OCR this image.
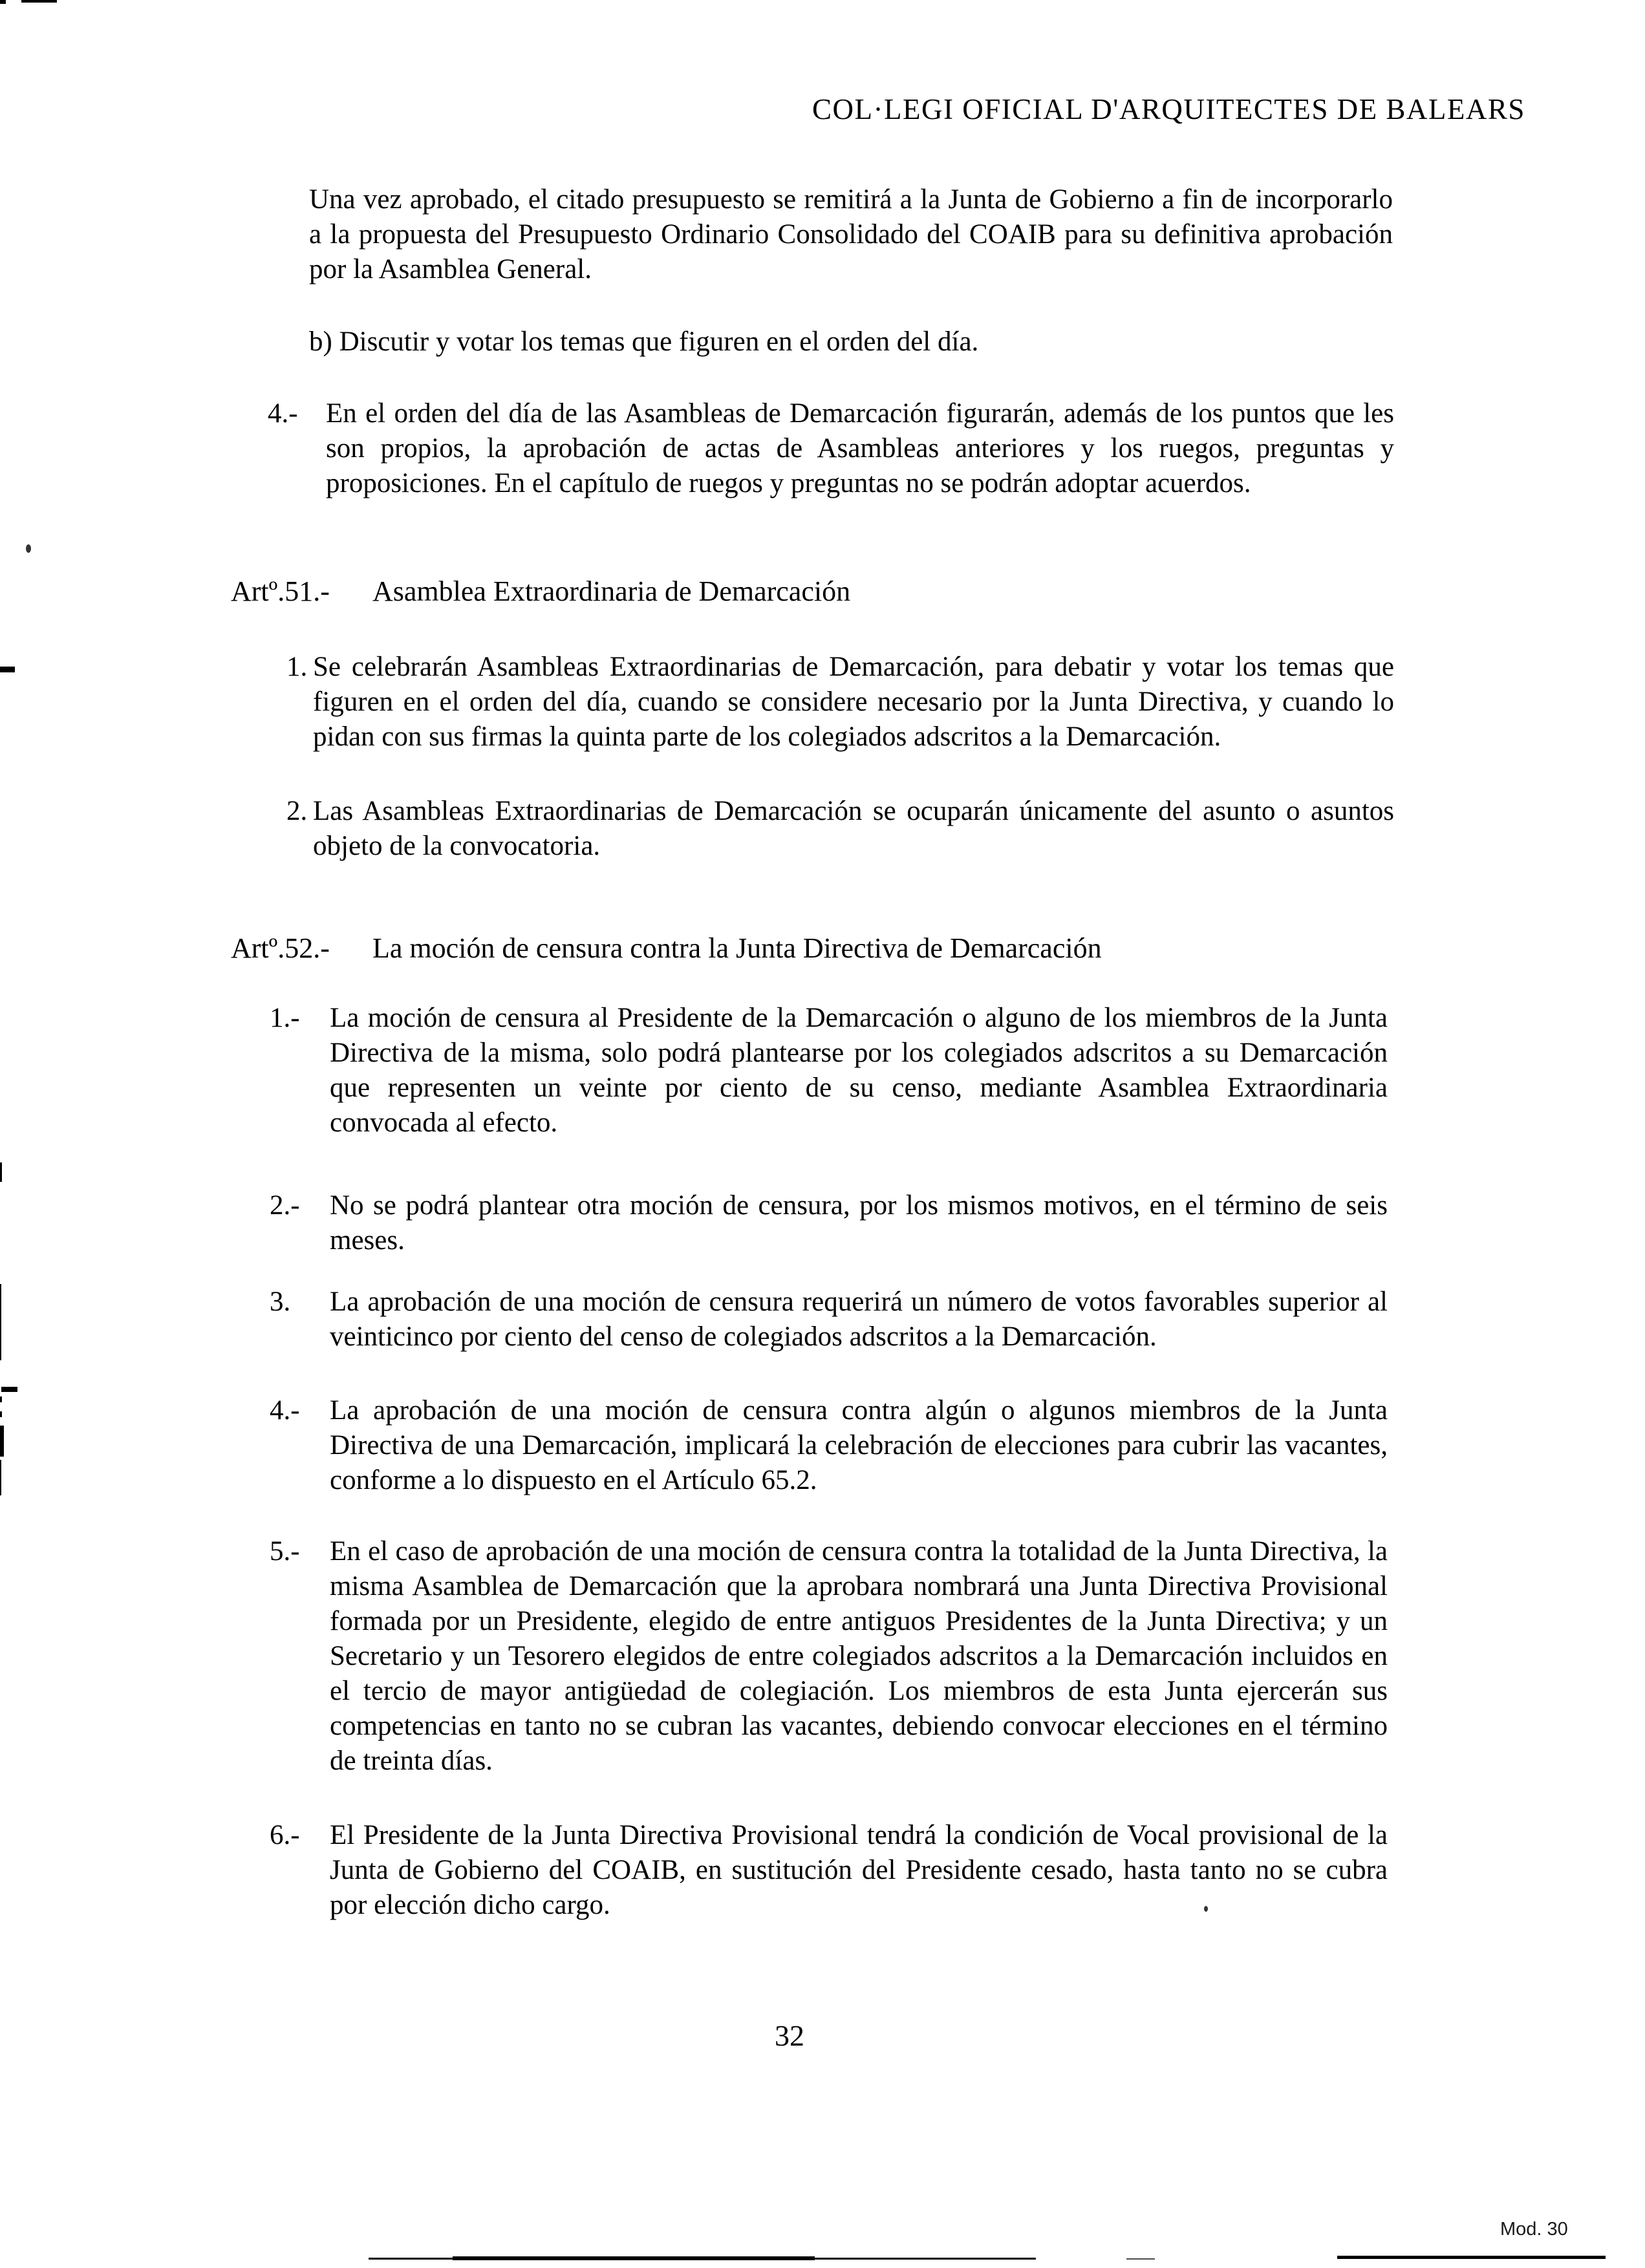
COL·LEGI OFICIAL D'ARQUITECTES DE BALEARS
Una vez aprobado, el citado presupuesto se remitirá a la Junta de Gobierno a fin de incorporarlo a la propuesta del Presupuesto Ordinario Consolidado del COAIB para su definitiva aprobación por la Asamblea General.
b) Discutir y votar los temas que figuren en el orden del día.
4.- En el orden del día de las Asambleas de Demarcación figurarán, además de los puntos que les son propios, la aprobación de actas de Asambleas anteriores y los ruegos, preguntas y proposiciones. En el capítulo de ruegos y preguntas no se podrán adoptar acuerdos.
Artº.51.- Asamblea Extraordinaria de Demarcación
1. Se celebrarán Asambleas Extraordinarias de Demarcación, para debatir y votar los temas que figuren en el orden del día, cuando se considere necesario por la Junta Directiva, y cuando lo pidan con sus firmas la quinta parte de los colegiados adscritos a la Demarcación.
2. Las Asambleas Extraordinarias de Demarcación se ocuparán únicamente del asunto o asuntos objeto de la convocatoria.
Artº.52.- La moción de censura contra la Junta Directiva de Demarcación
1.- La moción de censura al Presidente de la Demarcación o alguno de los miembros de la Junta Directiva de la misma, solo podrá plantearse por los colegiados adscritos a su Demarcación que representen un veinte por ciento de su censo, mediante Asamblea Extraordinaria convocada al efecto.
2.- No se podrá plantear otra moción de censura, por los mismos motivos, en el término de seis meses.
3. La aprobación de una moción de censura requerirá un número de votos favorables superior al veinticinco por ciento del censo de colegiados adscritos a la Demarcación.
4.- La aprobación de una moción de censura contra algún o algunos miembros de la Junta Directiva de una Demarcación, implicará la celebración de elecciones para cubrir las vacantes, conforme a lo dispuesto en el Artículo 65.2.
5.- En el caso de aprobación de una moción de censura contra la totalidad de la Junta Directiva, la misma Asamblea de Demarcación que la aprobara nombrará una Junta Directiva Provisional formada por un Presidente, elegido de entre antiguos Presidentes de la Junta Directiva; y un Secretario y un Tesorero elegidos de entre colegiados adscritos a la Demarcación incluidos en el tercio de mayor antigüedad de colegiación. Los miembros de esta Junta ejercerán sus competencias en tanto no se cubran las vacantes, debiendo convocar elecciones en el término de treinta días.
6.- El Presidente de la Junta Directiva Provisional tendrá la condición de Vocal provisional de la Junta de Gobierno del COAIB, en sustitución del Presidente cesado, hasta tanto no se cubra por elección dicho cargo.
32
Mod. 30
